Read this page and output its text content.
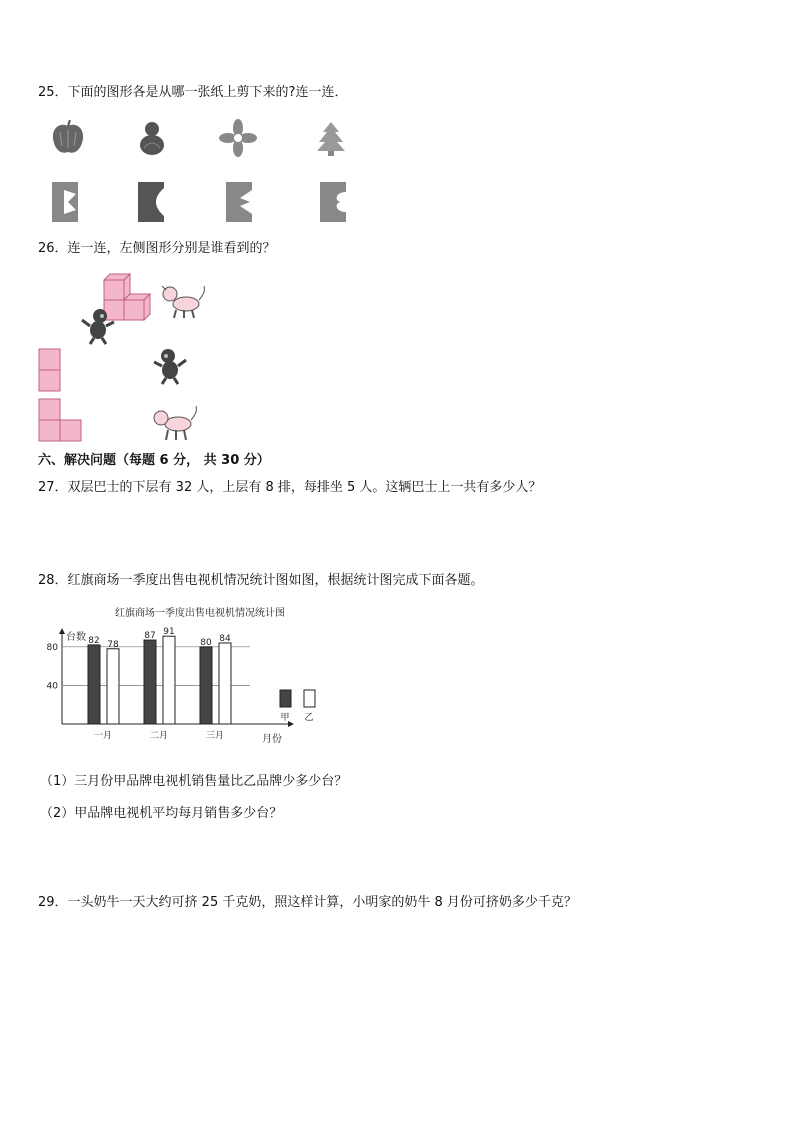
25．下面的图形各是从哪一张纸上剪下来的?连一连．
26．连一连，左侧图形分别是谁看到的？
六、解决问题（每题 6 分， 共 30 分）
27．双层巴士的下层有 32 人，上层有 8 排，每排坐 5 人。这辆巴士上一共有多少人？
28．红旗商场一季度出售电视机情况统计图如图，根据统计图完成下面各题。
红旗商场一季度出售电视机情况统计图
台数
月份
40
80
82 78
一月
87 91
二月
80 84
三月
甲 乙
（1）三月份甲品牌电视机销售量比乙品牌少多少台？
（2）甲品牌电视机平均每月销售多少台？
29．一头奶牛一天大约可挤 25 千克奶，照这样计算，小明家的奶牛 8 月份可挤奶多少千克？
